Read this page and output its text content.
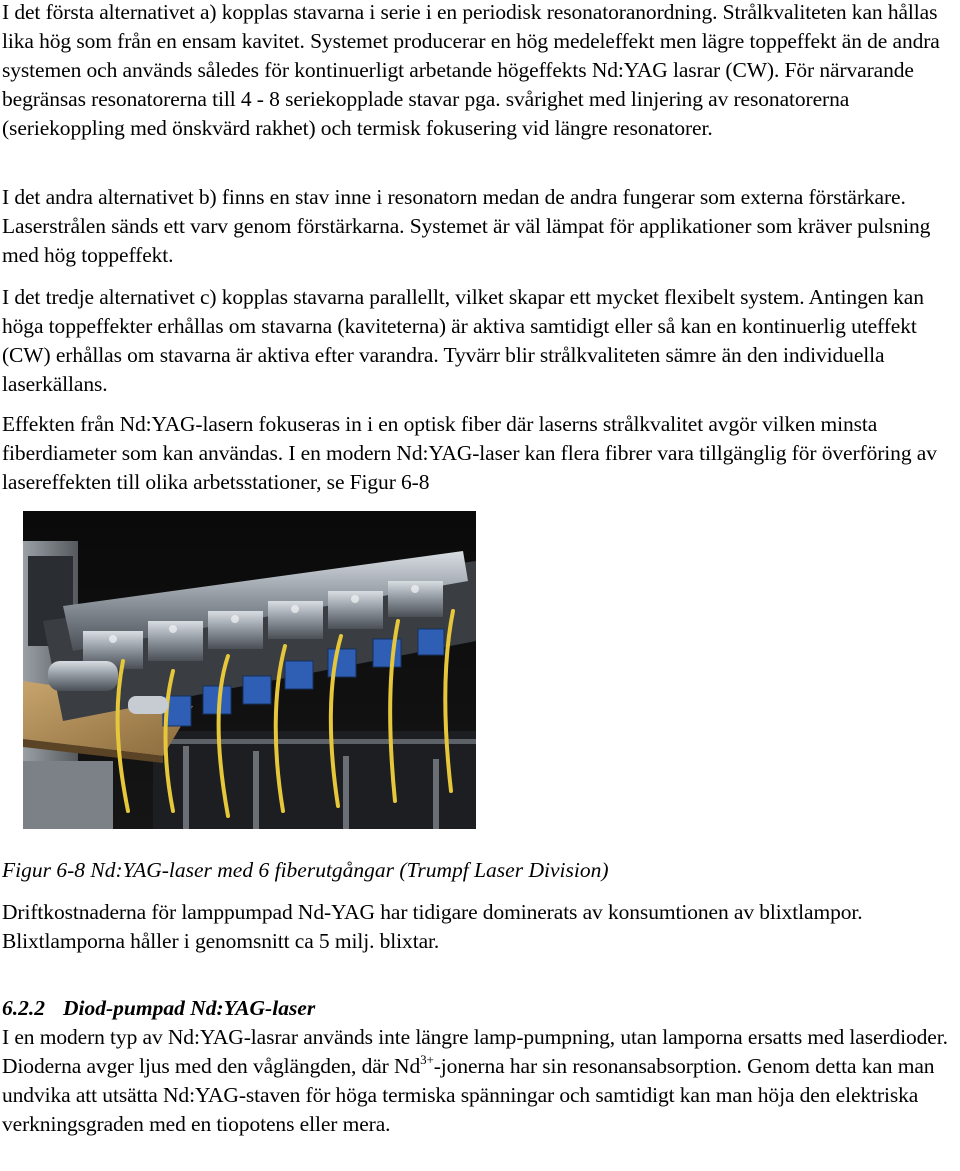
I det första alternativet a) kopplas stavarna i serie i en periodisk resonatoranordning. Strålkvaliteten kan hållas lika hög som från en ensam kavitet. Systemet producerar en hög medeleffekt men lägre toppeffekt än de andra systemen och används således för kontinuerligt arbetande högeffekts Nd:YAG lasrar (CW). För närvarande begränsas resonatorerna till 4 - 8 seriekopplade stavar pga. svårighet med linjering av resonatorerna (seriekoppling med önskvärd rakhet) och termisk fokusering vid längre resonatorer.

I det andra alternativet b) finns en stav inne i resonatorn medan de andra fungerar som externa förstärkare. Laserstrålen sänds ett varv genom förstärkarna. Systemet är väl lämpat för applikationer som kräver pulsning med hög toppeffekt.

I det tredje alternativet c) kopplas stavarna parallellt, vilket skapar ett mycket flexibelt system. Antingen kan höga toppeffekter erhållas om stavarna (kaviteterna) är aktiva samtidigt eller så kan en kontinuerlig uteffekt (CW) erhållas om stavarna är aktiva efter varandra. Tyvärr blir strålkvaliteten sämre än den individuella laserkällans.

Effekten från Nd:YAG-lasern fokuseras in i en optisk fiber där laserns strålkvalitet avgör vilken minsta fiberdiameter som kan användas. I en modern Nd:YAG-laser kan flera fibrer vara tillgänglig för överföring av lasereffekten till olika arbetsstationer, se Figur 6-8

Figur 6-8 Nd:YAG-laser med 6 fiberutgångar (Trumpf Laser Division)

Driftkostnaderna för lamppumpad Nd-YAG har tidigare dominerats av konsumtionen av blixtlampor. Blixtlamporna håller i genomsnitt ca 5 milj. blixtar.

6.2.2 Diod-pumpad Nd:YAG-laser

I en modern typ av Nd:YAG-lasrar används inte längre lamp-pumpning, utan lamporna ersatts med laserdioder. Dioderna avger ljus med den våglängden, där $Nd^{3+}$-jonerna har sin resonansabsorption. Genom detta kan man undvika att utsätta Nd:YAG-staven för höga termiska spänningar och samtidigt kan man höja den elektriska verkningsgraden med en tiopotens eller mera.
